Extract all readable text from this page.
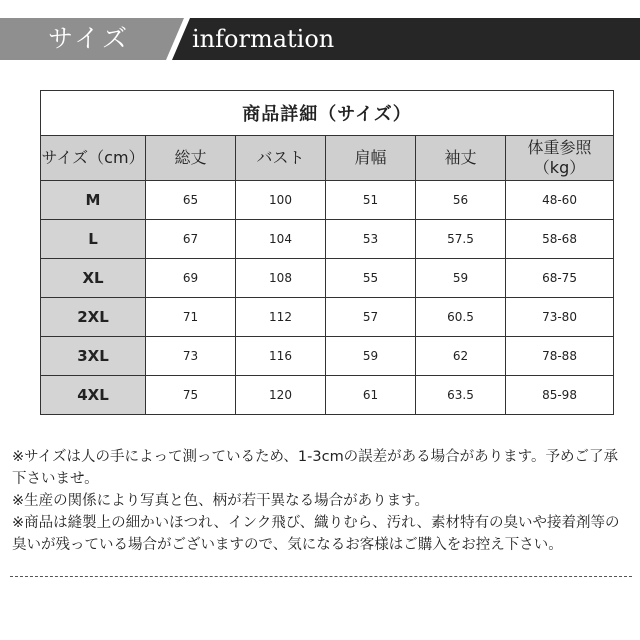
サイズ	information
商品詳細（サイズ）					
サイズ（cm）	総丈	バスト	肩幅	袖丈	体重参照
（kg）
M	65	100	51	56	48-60
L	67	104	53	57.5	58-68
XL	69	108	55	59	68-75
2XL	71	112	57	60.5	73-80
3XL	73	116	59	62	78-88
4XL	75	120	61	63.5	85-98

※サイズは人の手によって測っているため、1-3cmの誤差がある場合があります。予めご了承下さいませ。

※生産の関係により写真と色、柄が若干異なる場合があります。

※商品は縫製上の細かいほつれ、インク飛び、織りむら、汚れ、素材特有の臭いや接着剤等の臭いが残っている場合がございますので、気になるお客様はご購入をお控え下さい。
